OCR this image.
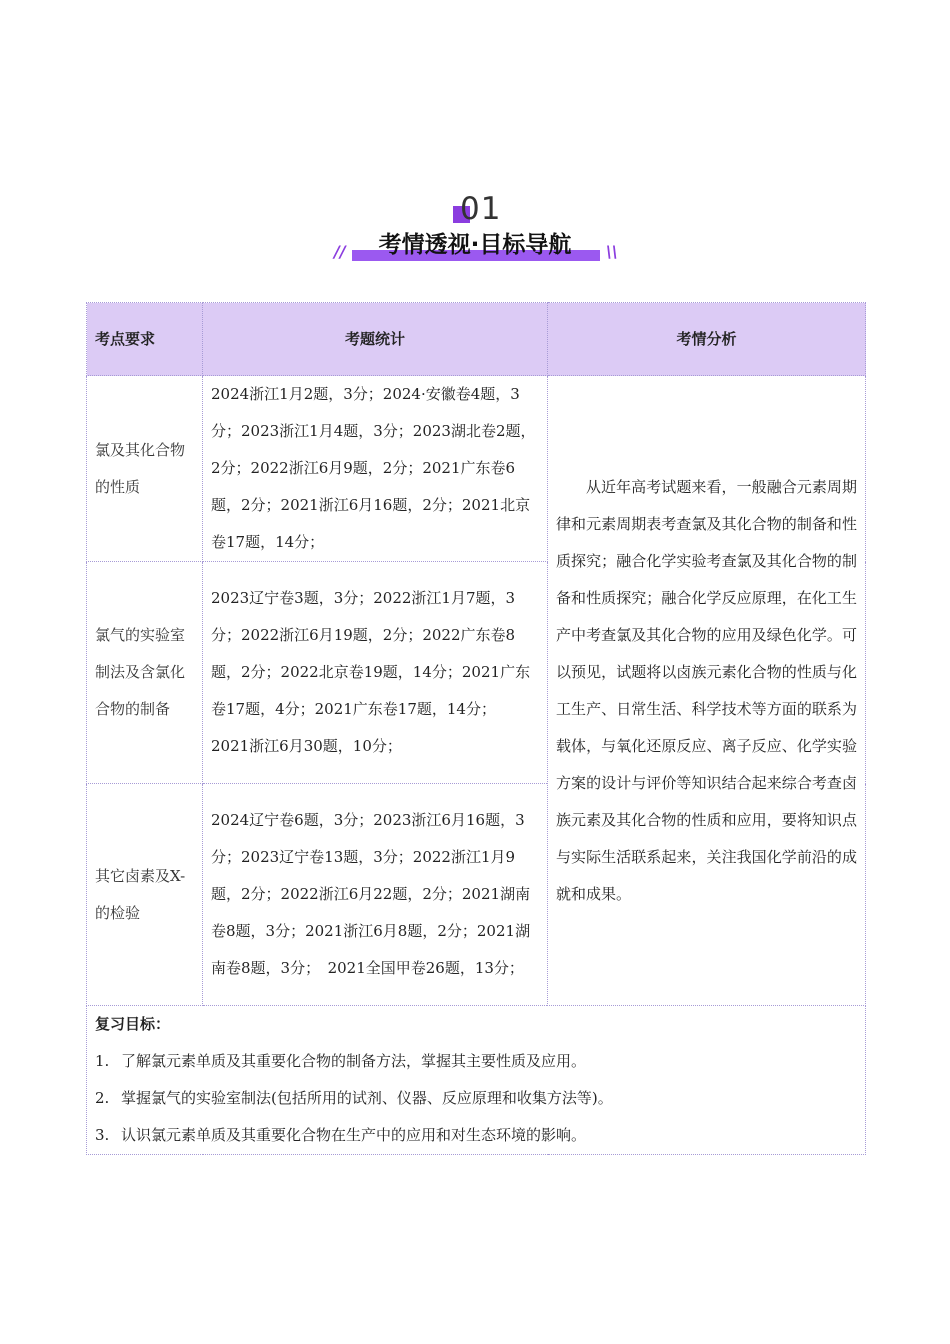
01
//	考情透视·目标导航	\\
考点要求	考题统计	考情分析
氯及其化合物的性质	2024浙江1月2题，3分；2024·安徽卷4题，3分；2023浙江1月4题，3分；2023湖北卷2题，2分；2022浙江6月9题，2分；2021广东卷6题，2分；2021浙江6月16题，2分；2021北京卷17题，14分；	从近年高考试题来看，一般融合元素周期律和元素周期表考查氯及其化合物的制备和性质探究；融合化学实验考查氯及其化合物的制备和性质探究；融合化学反应原理，在化工生产中考查氯及其化合物的应用及绿色化学。可以预见，试题将以卤族元素化合物的性质与化工生产、日常生活、科学技术等方面的联系为载体，与氧化还原反应、离子反应、化学实验方案的设计与评价等知识结合起来综合考查卤族元素及其化合物的性质和应用，要将知识点与实际生活联系起来，关注我国化学前沿的成就和成果。

氯气的实验室制法及含氯化合物的制备	2023辽宁卷3题，3分；2022浙江1月7题，3分；2022浙江6月19题，2分；2022广东卷8题，2分；2022北京卷19题，14分；2021广东卷17题，4分；2021广东卷17题，14分；　2021浙江6月30题，10分；	
其它卤素及X-的检验	2024辽宁卷6题，3分；2023浙江6月16题，3分；2023辽宁卷13题，3分；2022浙江1月9题，2分；2022浙江6月22题，2分；2021湖南卷8题，3分；2021浙江6月8题，2分；2021湖南卷8题，3分；　2021全国甲卷26题，13分；	

复习目标：
1. 了解氯元素单质及其重要化合物的制备方法，掌握其主要性质及应用。
2. 掌握氯气的实验室制法(包括所用的试剂、仪器、反应原理和收集方法等)。
3. 认识氯元素单质及其重要化合物在生产中的应用和对生态环境的影响。		
